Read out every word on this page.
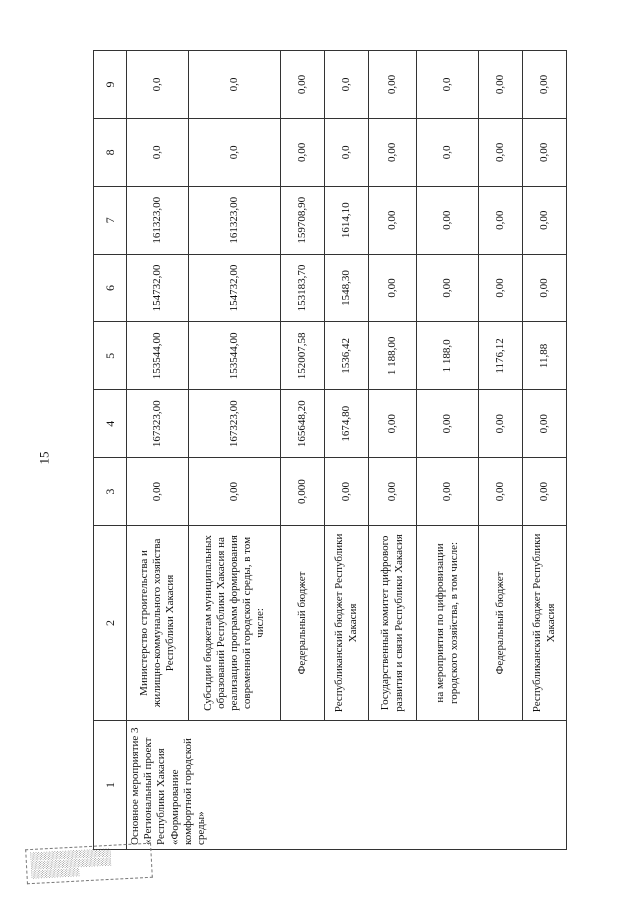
15
1	2	3	4	5	6	7	8	9
Основное мероприятие 3 «Региональный проект Республики Хакасия «Формирование комфортной городской среды»	Министерство строительства и жилищно-коммунального хозяйства Республики Хакасия	0,00	167323,00	153544,00	154732,00	161323,00	0,0	0,0
	Субсидии бюджетам муниципальных образований Республики Хакасия на реализацию программ формирования современной городской среды, в том числе:	0,00	167323,00	153544,00	154732,00	161323,00	0,0	0,0
	Федеральный бюджет	0,000	165648,20	152007,58	153183,70	159708,90	0,00	0,00
	Республиканский бюджет Республики Хакасия	0,00	1674,80	1536,42	1548,30	1614,10	0,0	0,0
	Государственный комитет цифрового развития и связи Республики Хакасия	0,00	0,00	1 188,00	0,00	0,00	0,00	0,00
	на мероприятия по цифровизации городского хозяйства, в том числе:	0,00	0,00	1 188,0	0,00	0,00	0,0	0,0
	Федеральный бюджет	0,00	0,00	1176,12	0,00	0,00	0,00	0,00
	Республиканский бюджет Республики Хакасия	0,00	0,00	11,88	0,00	0,00	0,00	0,00
░░░░░░░░░░░░░░░
░░░░░░░░░░░░░░░
░░░░░░░░░
